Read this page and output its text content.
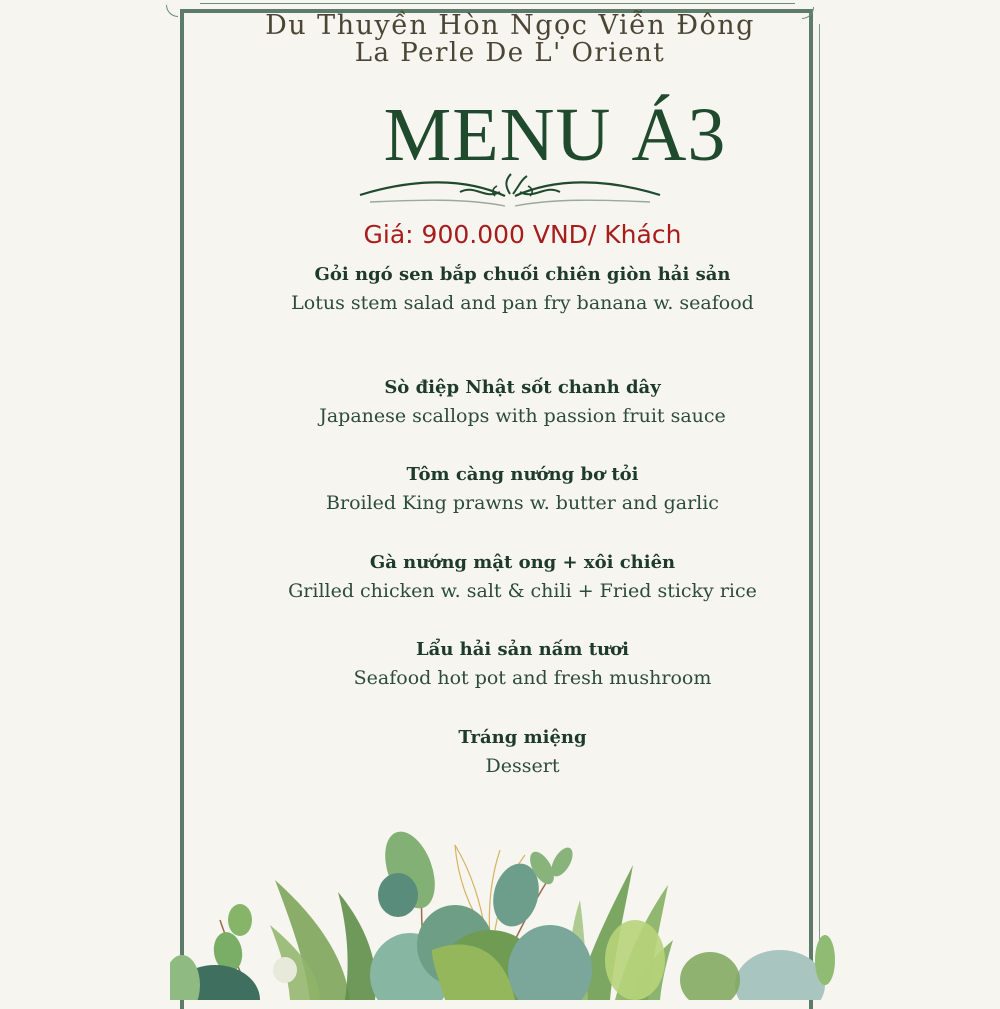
Du Thuyền Hòn Ngọc Viễn Đông
La Perle De L' Orient
MENU Á3
Giá: 900.000 VND/ Khách
Gỏi ngó sen bắp chuối chiên giòn hải sản
Lotus stem salad and pan fry banana w. seafood
Sò điệp Nhật sốt chanh dây
Japanese scallops with passion fruit sauce
Tôm càng nướng bơ tỏi
Broiled King prawns w. butter and garlic
Gà nướng mật ong + xôi chiên
Grilled chicken w. salt & chili + Fried sticky rice
Lẩu hải sản nấm tươi
Seafood hot pot and fresh mushroom
Tráng miệng
Dessert
